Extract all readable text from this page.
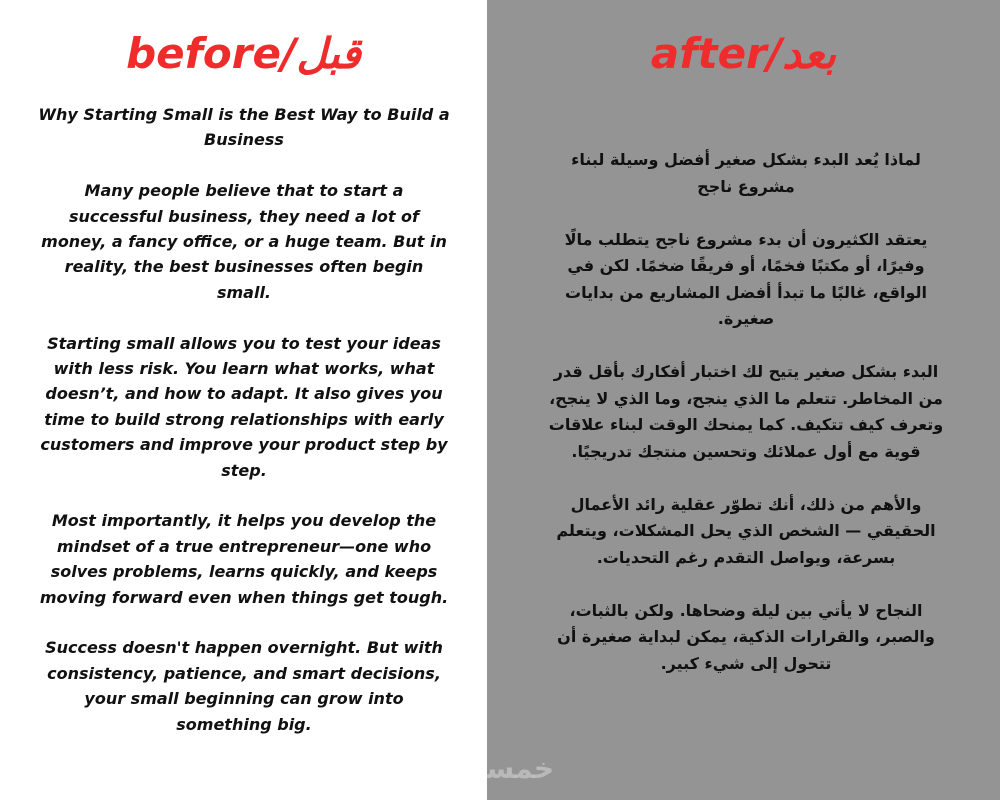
before/قبل

Why Starting Small is the Best Way to Build a Business

Many people believe that to start a successful business, they need a lot of money, a fancy office, or a huge team. But in reality, the best businesses often begin small.

Starting small allows you to test your ideas with less risk. You learn what works, what doesn’t, and how to adapt. It also gives you time to build strong relationships with early customers and improve your product step by step.

Most importantly, it helps you develop the mindset of a true entrepreneur—one who solves problems, learns quickly, and keeps moving forward even when things get tough.

Success doesn't happen overnight. But with consistency, patience, and smart decisions, your small beginning can grow into something big.

after/بعد

لماذا يُعد البدء بشكل صغير أفضل وسيلة لبناء مشروع ناجح

يعتقد الكثيرون أن بدء مشروع ناجح يتطلب مالًا وفيرًا، أو مكتبًا فخمًا، أو فريقًا ضخمًا. لكن في الواقع، غالبًا ما تبدأ أفضل المشاريع من بدايات صغيرة.

البدء بشكل صغير يتيح لك اختبار أفكارك بأقل قدر من المخاطر. تتعلم ما الذي ينجح، وما الذي لا ينجح، وتعرف كيف تتكيف. كما يمنحك الوقت لبناء علاقات قوية مع أول عملائك وتحسين منتجك تدريجيًا.

والأهم من ذلك، أنك تطوّر عقلية رائد الأعمال الحقيقي — الشخص الذي يحل المشكلات، ويتعلم بسرعة، ويواصل التقدم رغم التحديات.

النجاح لا يأتي بين ليلة وضحاها. ولكن بالثبات، والصبر، والقرارات الذكية، يمكن لبداية صغيرة أن تتحول إلى شيء كبير.

خمسات
